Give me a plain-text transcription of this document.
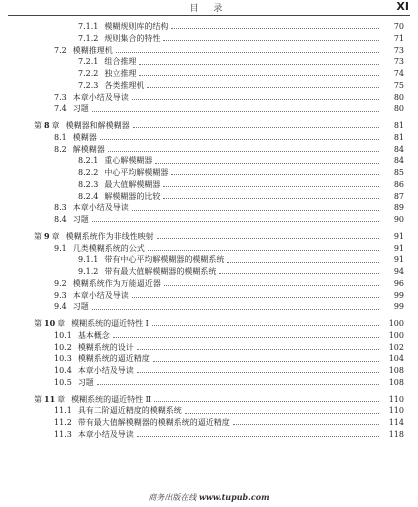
目 录	XI
7.1.1 模糊规则库的结构	70
7.1.2 规则集合的特性	71
7.2 模糊推理机	73
7.2.1 组合推理	73
7.2.2 独立推理	74
7.2.3 各类推理机	75
7.3 本章小结及导读	80
7.4 习题	80
第 8 章 模糊器和解模糊器	81
8.1 模糊器	81
8.2 解模糊器	84
8.2.1 重心解模糊器	84
8.2.2 中心平均解模糊器	85
8.2.3 最大值解模糊器	86
8.2.4 解模糊器的比较	87
8.3 本章小结及导读	89
8.4 习题	90
第 9 章 模糊系统作为非线性映射	91
9.1 几类模糊系统的公式	91
9.1.1 带有中心平均解模糊器的模糊系统	91
9.1.2 带有最大值解模糊器的模糊系统	94
9.2 模糊系统作为万能逼近器	96
9.3 本章小结及导读	99
9.4 习题	99
第 10 章 模糊系统的逼近特性 Ⅰ	100
10.1 基本概念	100
10.2 模糊系统的设计	102
10.3 模糊系统的逼近精度	104
10.4 本章小结及导读	108
10.5 习题	108
第 11 章 模糊系统的逼近特性 Ⅱ	110
11.1 具有二阶逼近精度的模糊系统	110
11.2 带有最大值解模糊器的模糊系统的逼近精度	114
11.3 本章小结及导读	118
商务出版在线 www.tupub.com
